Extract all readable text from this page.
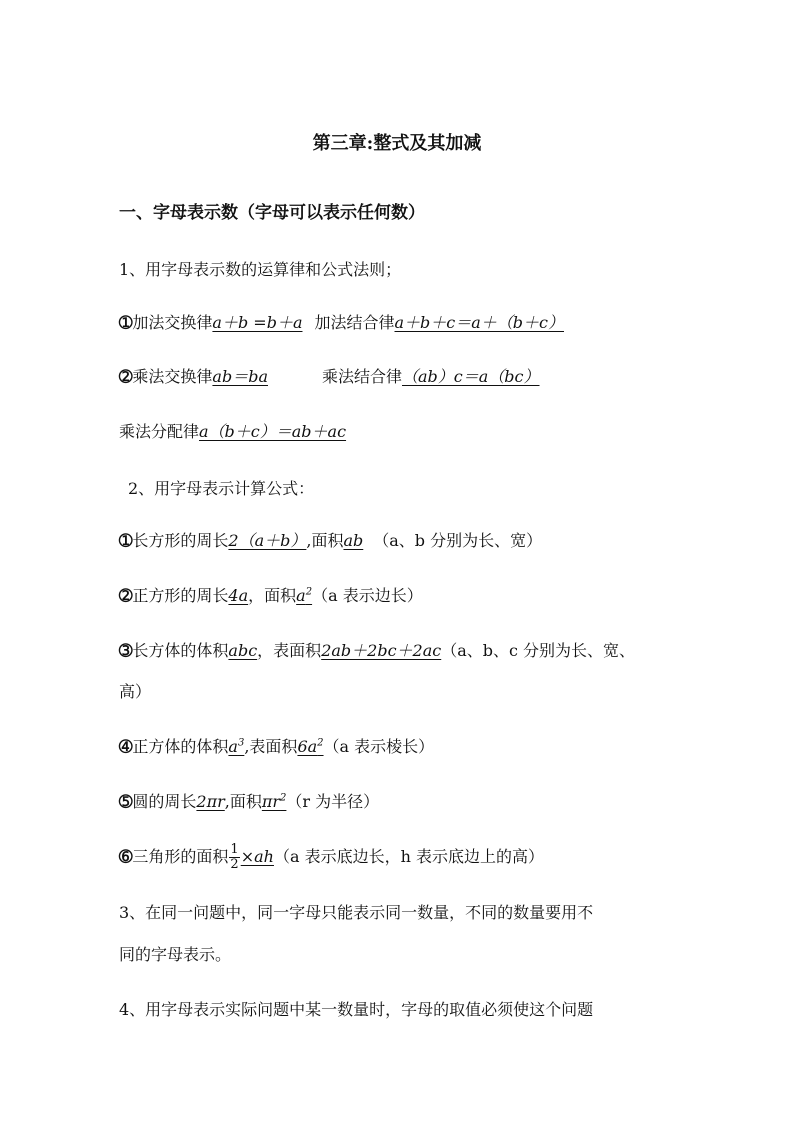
第三章:整式及其加减
一、字母表示数（字母可以表示任何数）
1、用字母表示数的运算律和公式法则；
➀加法交换律a＋b =b＋a 加法结合律a＋b＋c＝a＋（b＋c）
➁乘法交换律ab＝ba	乘法结合律（ab）c＝a（bc）
乘法分配律a（b＋c）＝ab＋ac
2、用字母表示计算公式：
➀长方形的周长2（a＋b）,面积ab （a、b 分别为长、宽）
➁正方形的周长4a，面积$a^2(a$ 表示边长）
➂长方体的体积abc，表面积2ab＋2bc＋2ac（a、b、c 分别为长、宽、
高）
➃正方体的体积$a^3$,表面积$6a^2(a$ 表示棱长）
➄圆的周长2πr,面积$\pi r^2(r$ 为半径）
➅三角形的面积 $\frac{1}{2} \times ah(a$ 表示底边长，h 表示底边上的高）
3、在同一问题中，同一字母只能表示同一数量，不同的数量要用不
同的字母表示。
4、用字母表示实际问题中某一数量时，字母的取值必须使这个问题
